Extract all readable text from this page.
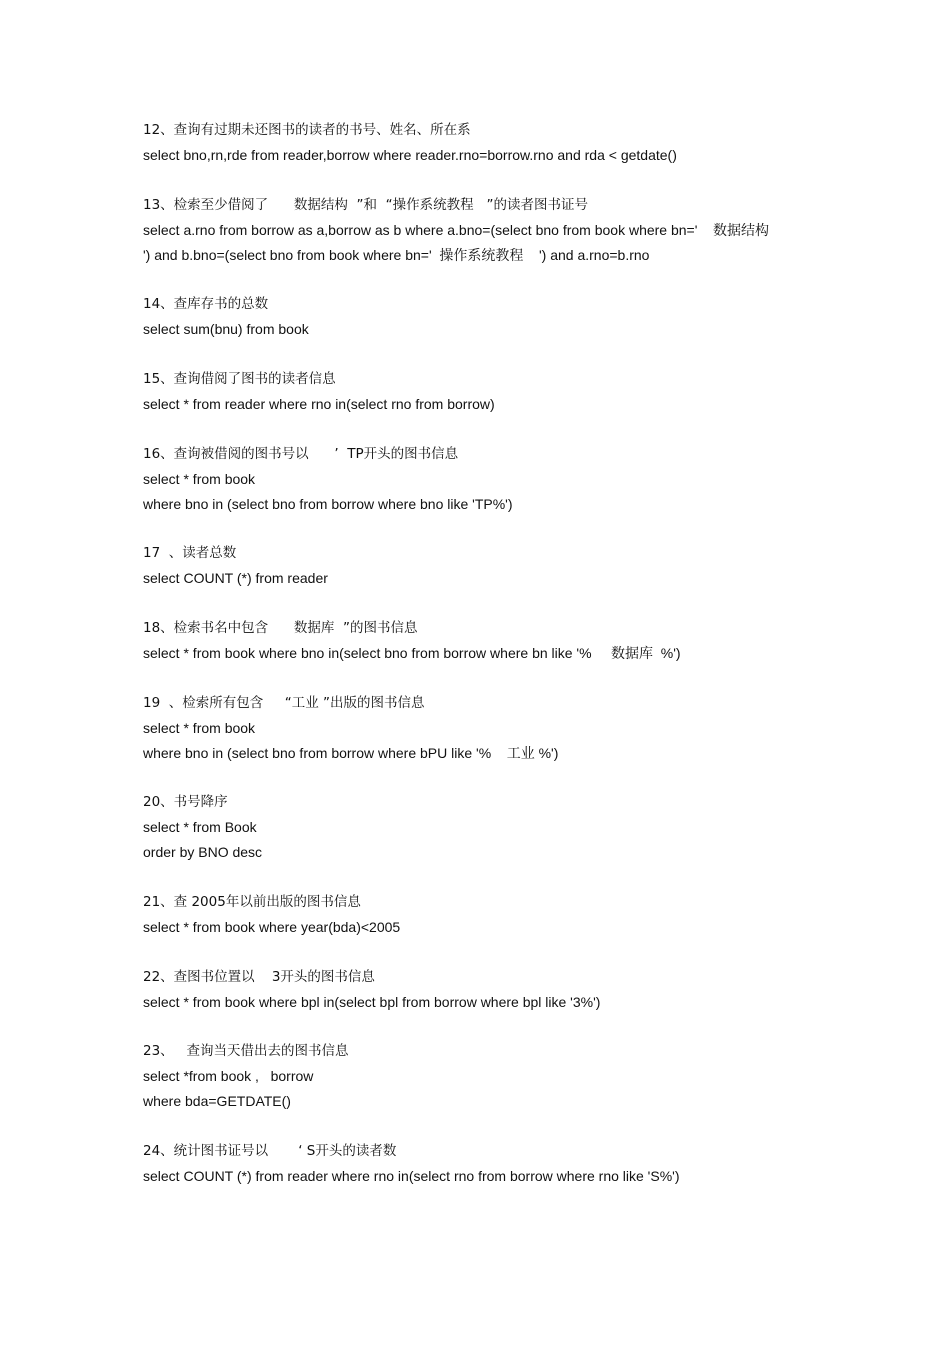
12、查询有过期未还图书的读者的书号、姓名、所在系
select bno,rn,rde from reader,borrow where reader.rno=borrow.rno and rda < getdate()
13、检索至少借阅了      数据结构  ”和  “操作系统教程   ”的读者图书证号
select a.rno from borrow as a,borrow as b where a.bno=(select bno from book where bn='    数据结构
') and b.bno=(select bno from book where bn='  操作系统教程    ') and a.rno=b.rno
14、查库存书的总数
select sum(bnu) from book
15、查询借阅了图书的读者信息
select * from reader where rno in(select rno from borrow)
16、查询被借阅的图书号以      ’  TP开头的图书信息
select * from book
where bno in (select bno from borrow where bno like 'TP%')
17  、读者总数
select COUNT (*) from reader
18、检索书名中包含      数据库  ”的图书信息
select * from book where bno in(select bno from borrow where bn like '%     数据库  %')
19  、检索所有包含     “工业 ”出版的图书信息
select * from book
where bno in (select bno from borrow where bPU like '%    工业 %')
20、书号降序
select * from Book
order by BNO desc
21、查 2005年以前出版的图书信息
select * from book where year(bda)<2005
22、查图书位置以    3开头的图书信息
select * from book where bpl in(select bpl from borrow where bpl like '3%')
23、   查询当天借出去的图书信息
select *from book ,   borrow
where bda=GETDATE()
24、统计图书证号以       ‘ S开头的读者数
select COUNT (*) from reader where rno in(select rno from borrow where rno like 'S%')
